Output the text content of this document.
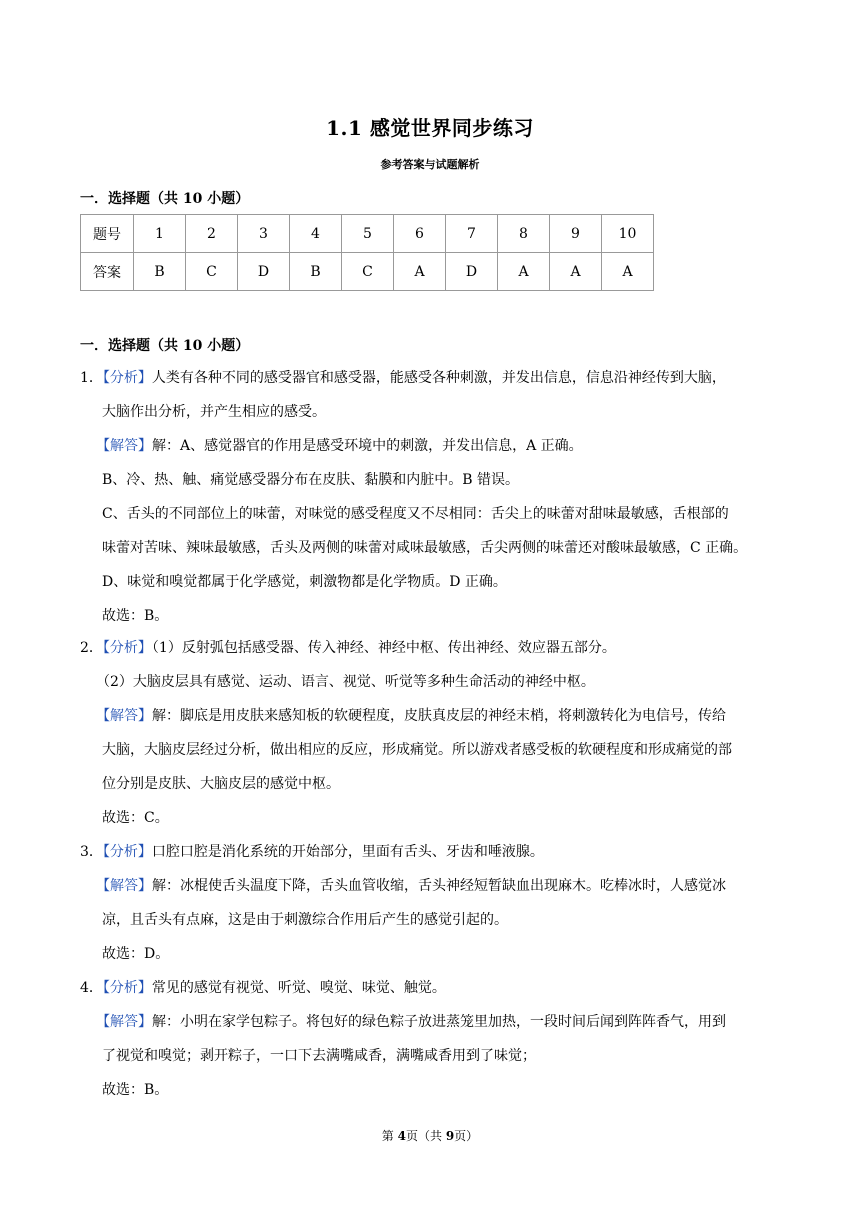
1.1 感觉世界同步练习
参考答案与试题解析
一．选择题（共 10 小题）
题号	1	2	3	4	5	6	7	8	9	10
答案	B	C	D	B	C	A	D	A	A	A
一．选择题（共 10 小题）

1．【分析】人类有各种不同的感受器官和感受器，能感受各种刺激，并发出信息，信息沿神经传到大脑，

大脑作出分析，并产生相应的感受。

【解答】解：A、感觉器官的作用是感受环境中的刺激，并发出信息，A 正确。

B、冷、热、触、痛觉感受器分布在皮肤、黏膜和内脏中。B 错误。

C、舌头的不同部位上的味蕾，对味觉的感受程度又不尽相同：舌尖上的味蕾对甜味最敏感，舌根部的

味蕾对苦味、辣味最敏感，舌头及两侧的味蕾对咸味最敏感，舌尖两侧的味蕾还对酸味最敏感，C 正确。

D、味觉和嗅觉都属于化学感觉，刺激物都是化学物质。D 正确。

故选：B。

2．【分析】（1）反射弧包括感受器、传入神经、神经中枢、传出神经、效应器五部分。

（2）大脑皮层具有感觉、运动、语言、视觉、听觉等多种生命活动的神经中枢。

【解答】解：脚底是用皮肤来感知板的软硬程度，皮肤真皮层的神经末梢，将刺激转化为电信号，传给

大脑，大脑皮层经过分析，做出相应的反应，形成痛觉。所以游戏者感受板的软硬程度和形成痛觉的部

位分别是皮肤、大脑皮层的感觉中枢。

故选：C。

3．【分析】口腔口腔是消化系统的开始部分，里面有舌头、牙齿和唾液腺。

【解答】解：冰棍使舌头温度下降，舌头血管收缩，舌头神经短暂缺血出现麻木。吃棒冰时，人感觉冰

凉，且舌头有点麻，这是由于刺激综合作用后产生的感觉引起的。

故选：D。

4．【分析】常见的感觉有视觉、听觉、嗅觉、味觉、触觉。

【解答】解：小明在家学包粽子。将包好的绿色粽子放进蒸笼里加热，一段时间后闻到阵阵香气，用到

了视觉和嗅觉；剥开粽子，一口下去满嘴咸香，满嘴咸香用到了味觉；

故选：B。

第 4页（共 9页）
